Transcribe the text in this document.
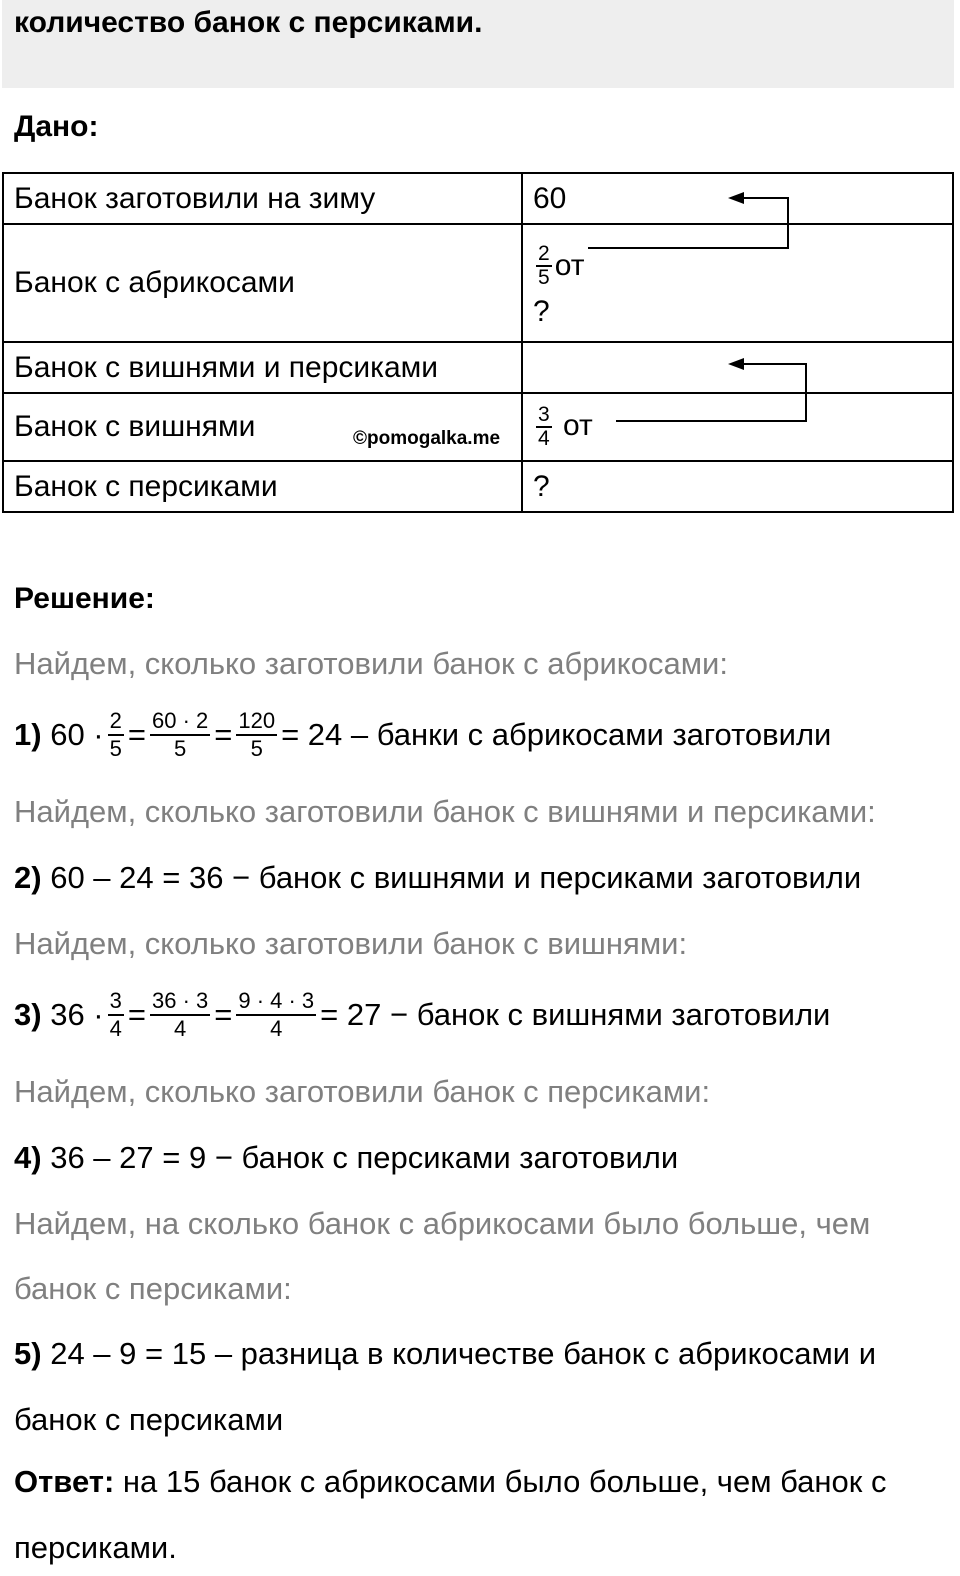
количество банок с персиками.
Дано:
Банок заготовили на зиму	60
Банок с абрикосами	$\frac{2}{5}$ от
?

Банок с вишнями и персиками	
Банок с вишнями	$\frac{3}{4}$ от
Банок с персиками	?
©pomogalka.me
Решение:
Найдем, сколько заготовили банок с абрикосами:
1)
$60 \cdot \frac{2}{5} = \frac{60 \cdot 2}{5} = \frac{120}{5} = 24$ – банки с абрикосами заготовили
Найдем, сколько заготовили банок с вишнями и персиками:
2) 60 – 24 = 36 − банок с вишнями и персиками заготовили
Найдем, сколько заготовили банок с вишнями:
3)
$36 \cdot \frac{3}{4} = \frac{36 \cdot 3}{4} = \frac{9 \cdot 4 \cdot 3}{4} = 27$ − банок с вишнями заготовили
Найдем, сколько заготовили банок с персиками:
4) 36 – 27 = 9 − банок с персиками заготовили
Найдем, на сколько банок с абрикосами было больше, чем
банок с персиками:
5) 24 – 9 = 15 – разница в количестве банок с абрикосами и
банок с персиками
Ответ: на 15 банок с абрикосами было больше, чем банок с
персиками.
